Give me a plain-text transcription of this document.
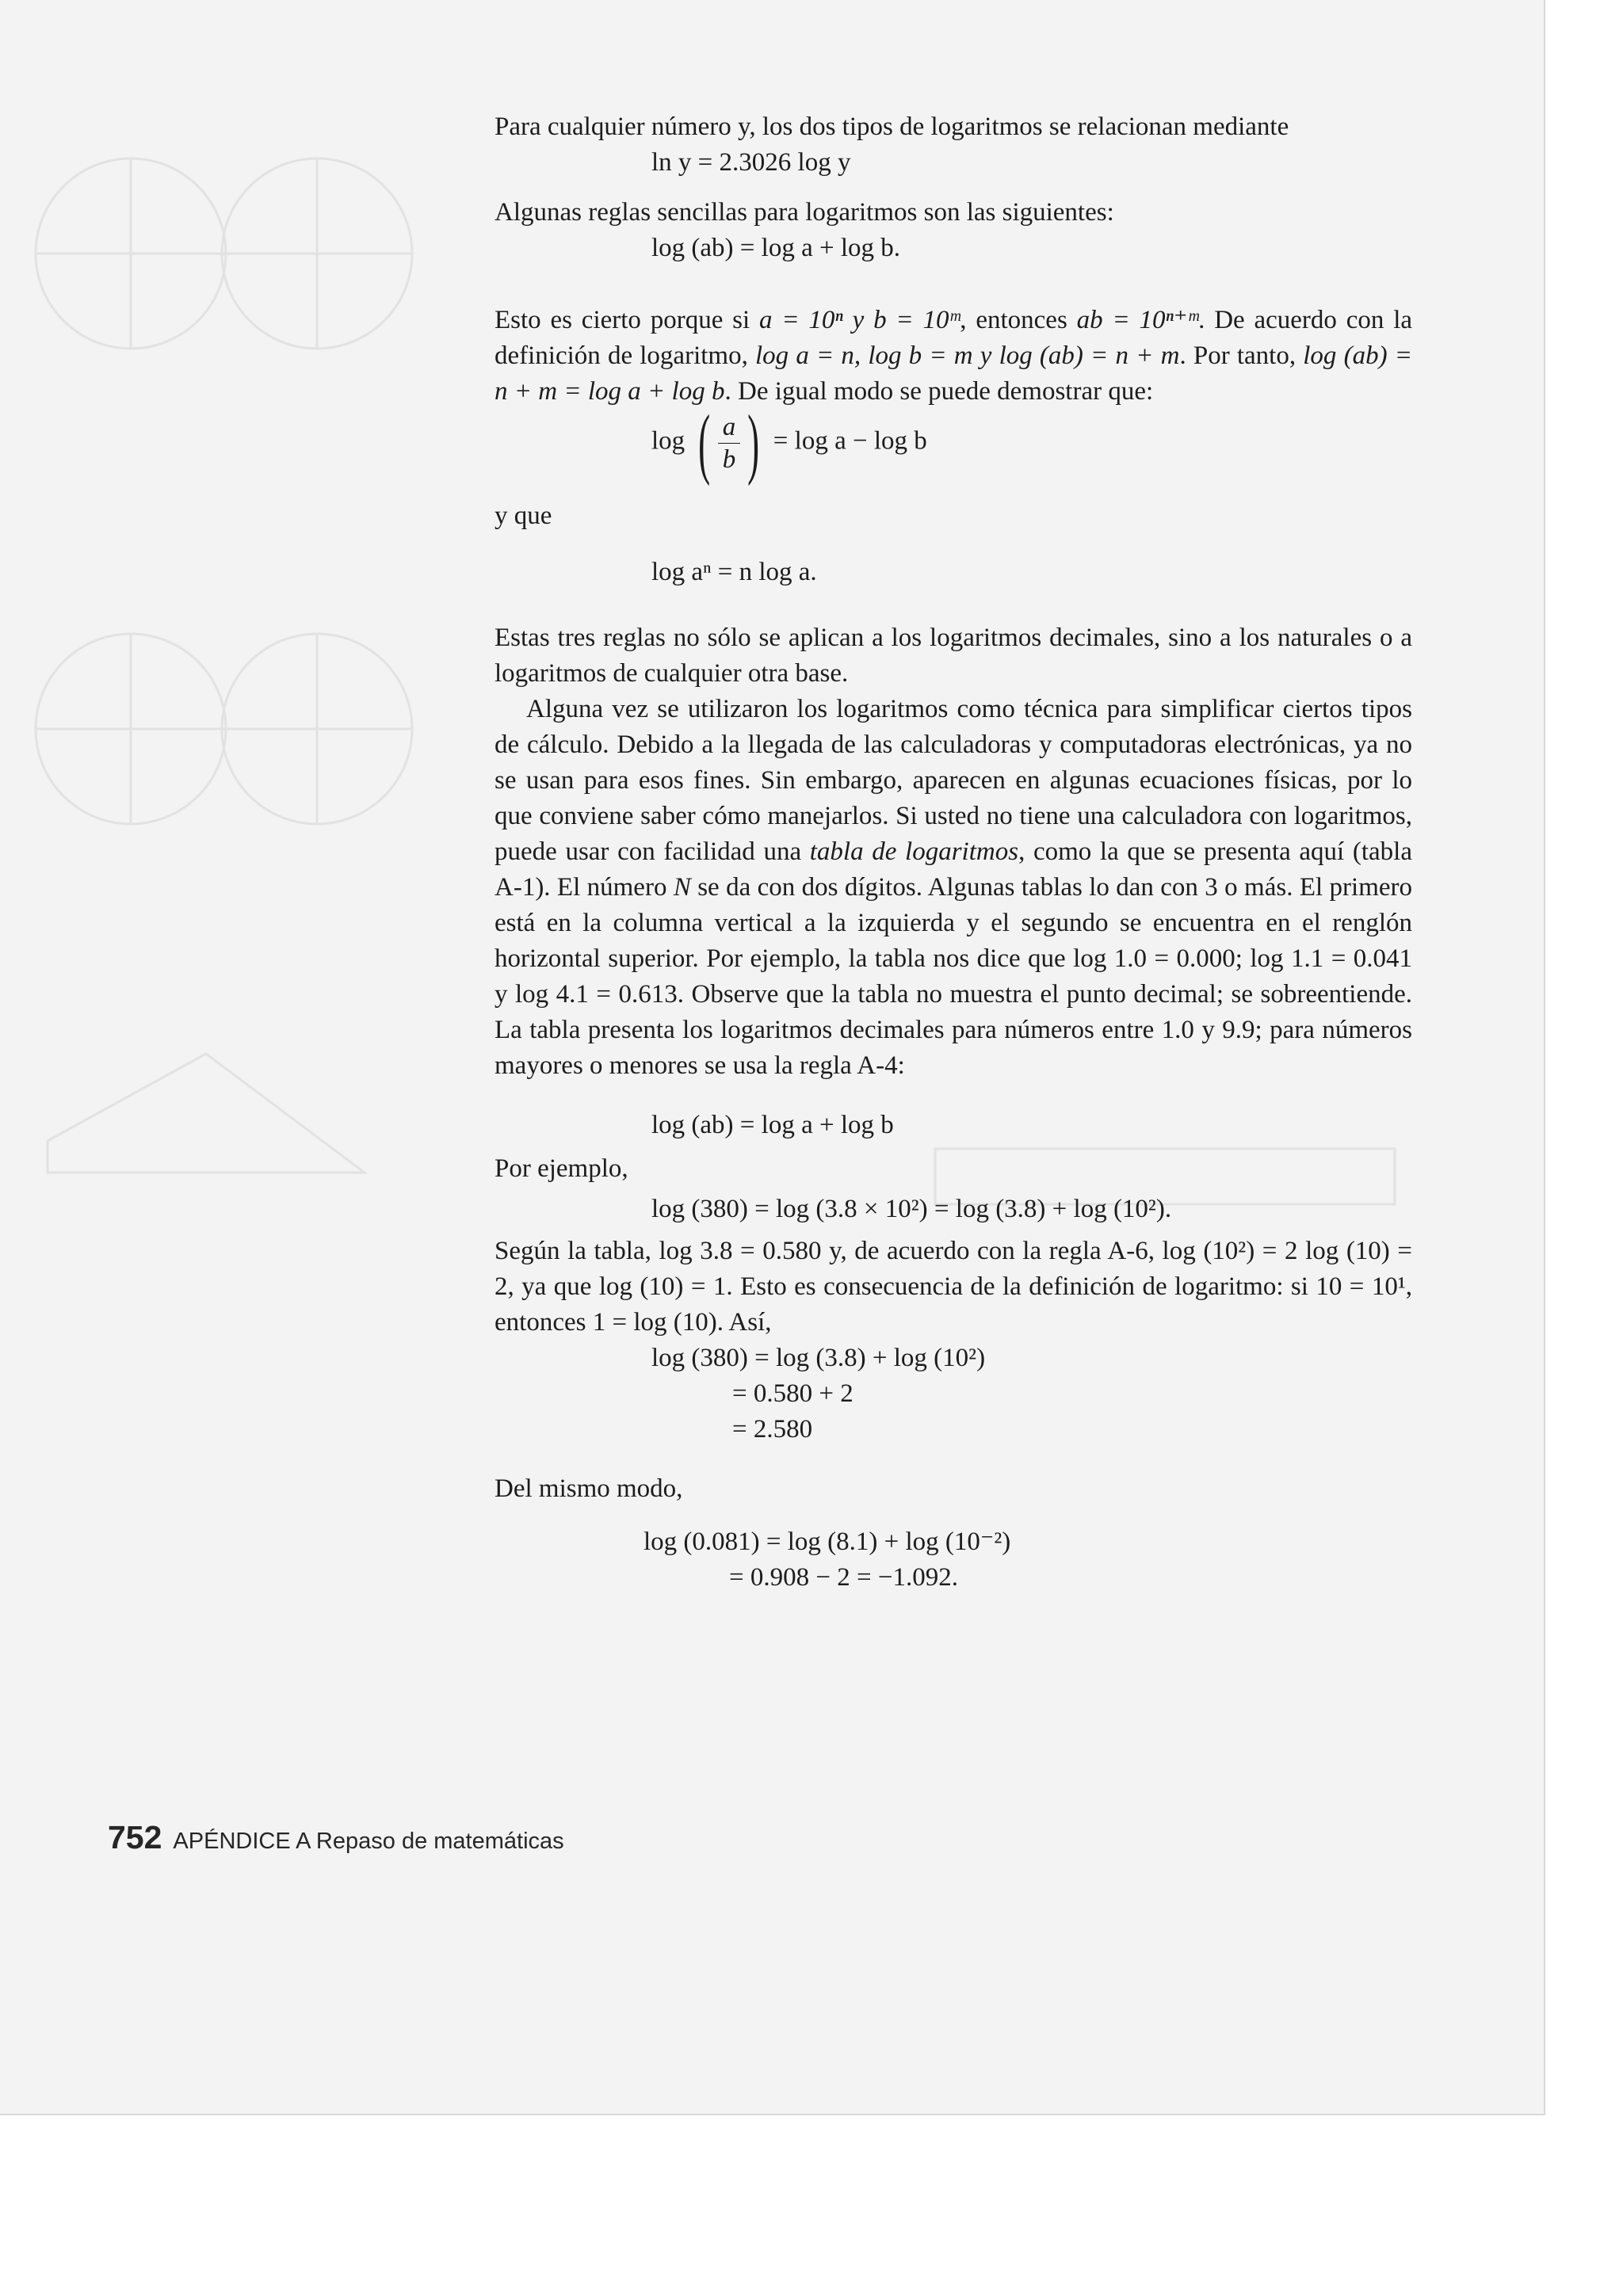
Para cualquier número y, los dos tipos de logaritmos se relacionan mediante

ln y = 2.3026 log y

Algunas reglas sencillas para logaritmos son las siguientes:

log (ab) = log a + log b.

Esto es cierto porque si a = 10ⁿ y b = 10ᵐ, entonces ab = 10ⁿ⁺ᵐ. De acuerdo con la definición de logaritmo, log a = n, log b = m y log (ab) = n + m. Por tanto, log (ab) = n + m = log a + log b. De igual modo se puede demostrar que:

log ( $\frac{a}{b}$ ) = log a − log b

y que

log aⁿ = n log a.

Estas tres reglas no sólo se aplican a los logaritmos decimales, sino a los naturales o a logaritmos de cualquier otra base.

Alguna vez se utilizaron los logaritmos como técnica para simplificar ciertos tipos de cálculo. Debido a la llegada de las calculadoras y computadoras electrónicas, ya no se usan para esos fines. Sin embargo, aparecen en algunas ecuaciones físicas, por lo que conviene saber cómo manejarlos. Si usted no tiene una calculadora con logaritmos, puede usar con facilidad una tabla de logaritmos, como la que se presenta aquí (tabla A-1). El número N se da con dos dígitos. Algunas tablas lo dan con 3 o más. El primero está en la columna vertical a la izquierda y el segundo se encuentra en el renglón horizontal superior. Por ejemplo, la tabla nos dice que log 1.0 = 0.000; log 1.1 = 0.041 y log 4.1 = 0.613. Observe que la tabla no muestra el punto decimal; se sobreentiende. La tabla presenta los logaritmos decimales para números entre 1.0 y 9.9; para números mayores o menores se usa la regla A-4:

log (ab) = log a + log b

Por ejemplo,

log (380) = log (3.8 × 10²) = log (3.8) + log (10²).

Según la tabla, log 3.8 = 0.580 y, de acuerdo con la regla A-6, log (10²) = 2 log (10) = 2, ya que log (10) = 1. Esto es consecuencia de la definición de logaritmo: si 10 = 10¹, entonces 1 = log (10). Así,

log (380) = log (3.8) + log (10²)
= 0.580 + 2
= 2.580

Del mismo modo,

log (0.081) = log (8.1) + log (10⁻²)
= 0.908 − 2 = −1.092.
752 APÉNDICE A Repaso de matemáticas
